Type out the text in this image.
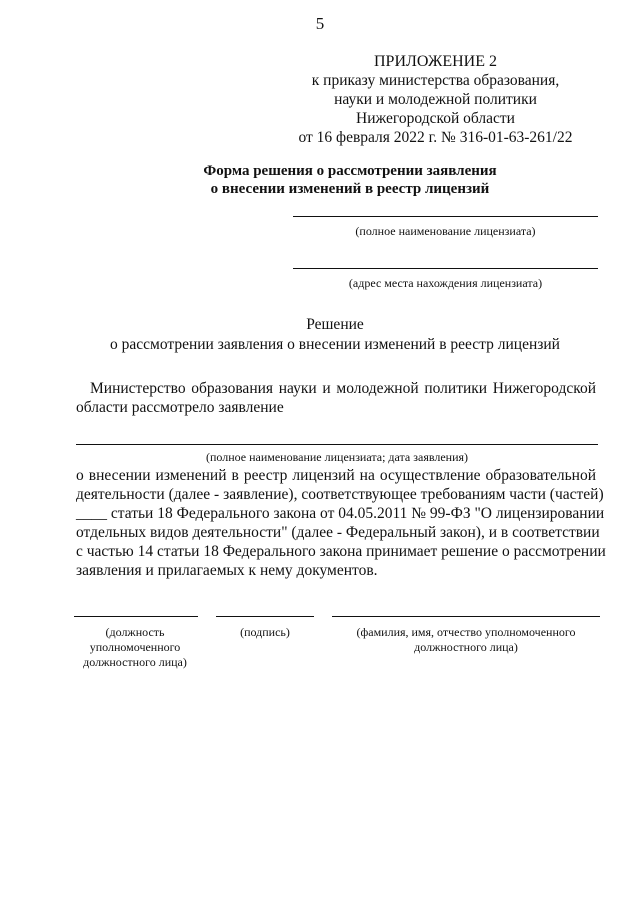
5
ПРИЛОЖЕНИЕ 2
к приказу министерства образования,
науки и молодежной политики
Нижегородской области
от 16 февраля 2022 г. № 316-01-63-261/22
Форма решения о рассмотрении заявления
о внесении изменений в реестр лицензий
(полное наименование лицензиата)
(адрес места нахождения лицензиата)
Решение
о рассмотрении заявления о внесении изменений в реестр лицензий
Министерство образования науки и молодежной политики Нижегородской
области рассмотрело заявление
(полное наименование лицензиата; дата заявления)
о внесении изменений в реестр лицензий на осуществление образовательной
деятельности (далее - заявление), соответствующее требованиям части (частей)
____ статьи 18 Федерального закона от 04.05.2011 № 99-ФЗ "О лицензировании
отдельных видов деятельности" (далее - Федеральный закон), и в соответствии
с частью 14 статьи 18 Федерального закона принимает решение о рассмотрении
заявления и прилагаемых к нему документов.
(должность
уполномоченного
должностного лица)
(подпись)	(фамилия, имя, отчество уполномоченного
должностного лица)
